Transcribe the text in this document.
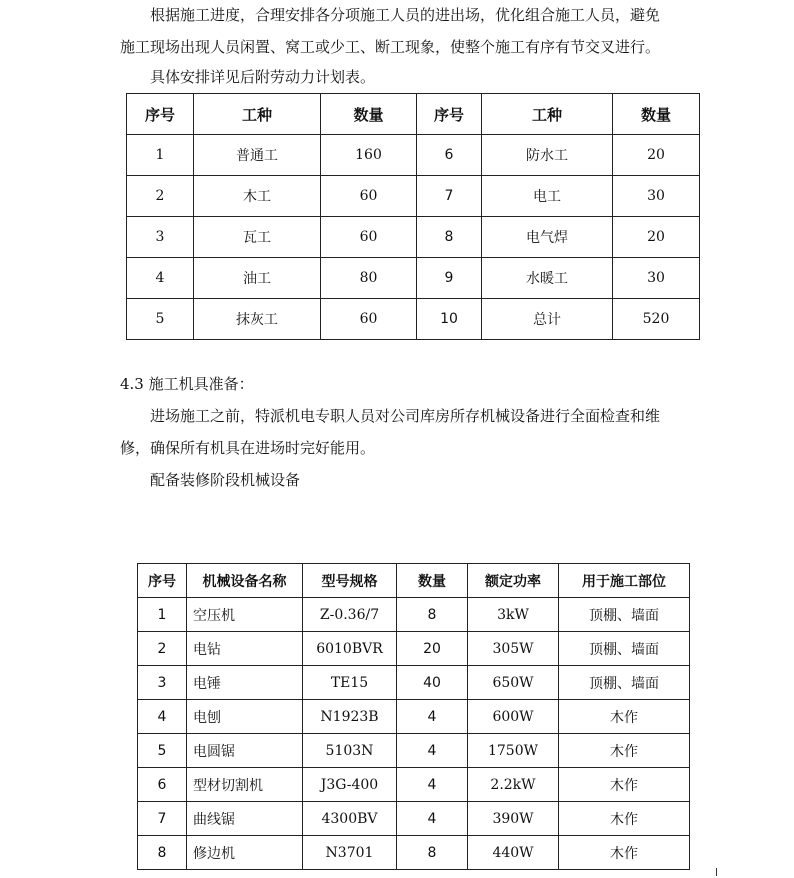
根据施工进度，合理安排各分项施工人员的进出场，优化组合施工人员，避免

施工现场出现人员闲置、窝工或少工、断工现象，使整个施工有序有节交叉进行。

具体安排详见后附劳动力计划表。

序号	工种	数量	序号	工种	数量
1	普通工	160	6	防水工	20
2	木工	60	7	电工	30
3	瓦工	60	8	电气焊	20
4	油工	80	9	水暖工	30
5	抹灰工	60	10	总计	520

4.3 施工机具准备：

进场施工之前，特派机电专职人员对公司库房所存机械设备进行全面检查和维

修，确保所有机具在进场时完好能用。

配备装修阶段机械设备

序号	机械设备名称	型号规格	数量	额定功率	用于施工部位
1	空压机	Z-0.36/7	8	3kW	顶棚、墙面
2	电钻	6010BVR	20	305W	顶棚、墙面
3	电锤	TE15	40	650W	顶棚、墙面
4	电刨	N1923B	4	600W	木作
5	电圆锯	5103N	4	1750W	木作
6	型材切割机	J3G-400	4	2.2kW	木作
7	曲线锯	4300BV	4	390W	木作
8	修边机	N3701	8	440W	木作
